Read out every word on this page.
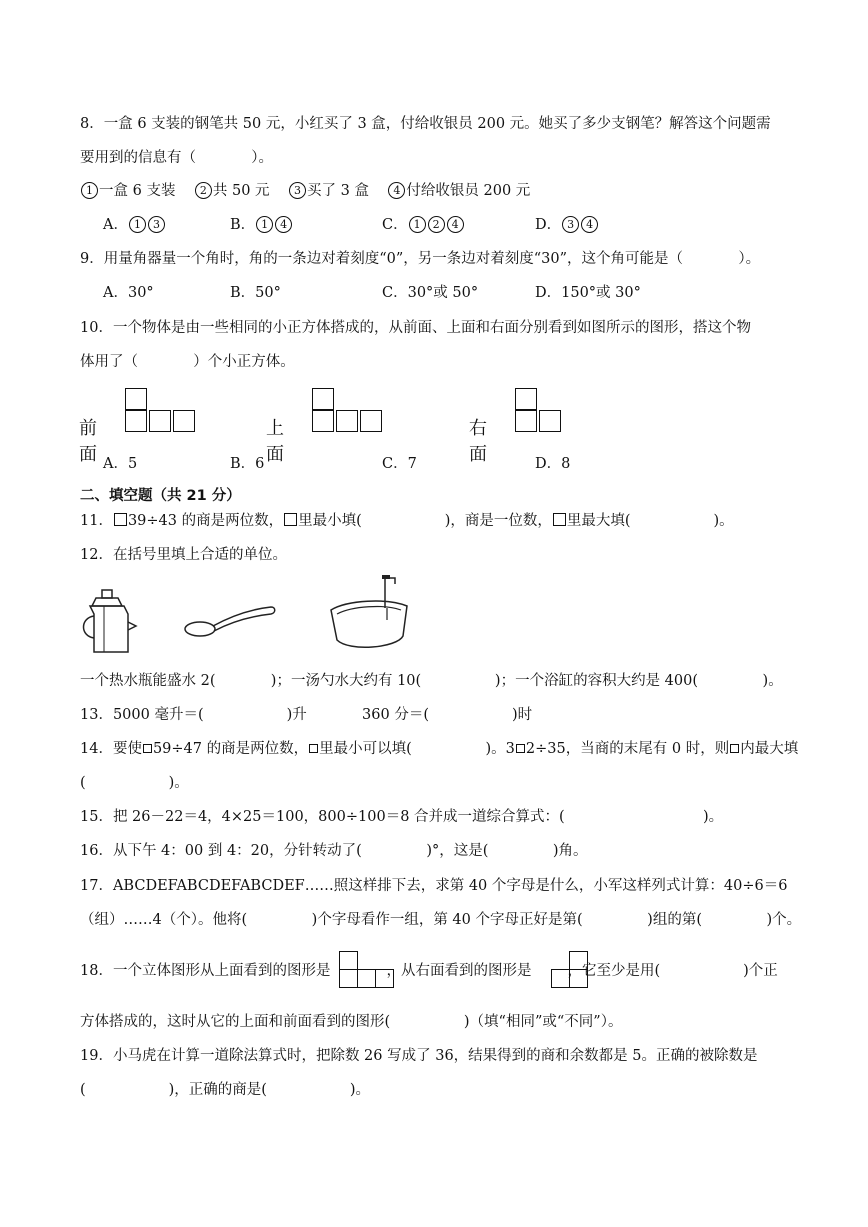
8．一盒 6 支装的钢笔共 50 元，小红买了 3 盒，付给收银员 200 元。她买了多少支钢笔？解答这个问题需
要用到的信息有（            ）。
1 一盒 6 支装 2 共 50 元 3 买了 3 盒 4 付给收银员 200 元
A． 1 3	B． 1 4	C． 1 2 4	D． 3 4
9．用量角器量一个角时，角的一条边对着刻度“0”，另一条边对着刻度“30”，这个角可能是（            ）。
A．30°	B．50°	C．30°或 50°	D．150°或 30°
10．一个物体是由一些相同的小正方体搭成的，从前面、上面和右面分别看到如图所示的图形，搭这个物
体用了（            ）个小正方体。
前面
上面
右面
A．5	B．6	C．7	D．8
二、填空题（共 21 分）
11． 39÷43 的商是两位数， 里最小填(                  )，商是一位数， 里最大填(                  )。
12．在括号里填上合适的单位。
一个热水瓶能盛水 2(            )；一汤勺水大约有 10(                )；一个浴缸的容积大约是 400(              )。
13．5000 毫升＝(                  )升            360 分＝(                  )时
14．要使 59÷47 的商是两位数， 里最小可以填(                )。3 2÷35，当商的末尾有 0 时，则 内最大填
(                  )。
15．把 26－22＝4，4×25＝100，800÷100＝8 合并成一道综合算式：(                              )。
16．从下午 4：00 到 4：20，分针转动了(              )°，这是(              )角。
17．ABCDEFABCDEFABCDEF……照这样排下去，求第 40 个字母是什么，小军这样列式计算：40÷6＝6
（组）……4（个）。他将(              )个字母看作一组，第 40 个字母正好是第(              )组的第(              )个。
18．一个立体图形从上面看到的图形是	，从右面看到的图形是 ，它至少是用(                  )个正
方体搭成的，这时从它的上面和前面看到的图形(                )（填“相同”或“不同”）。
19．小马虎在计算一道除法算式时，把除数 26 写成了 36，结果得到的商和余数都是 5。正确的被除数是
(                  )，正确的商是(                  )。
